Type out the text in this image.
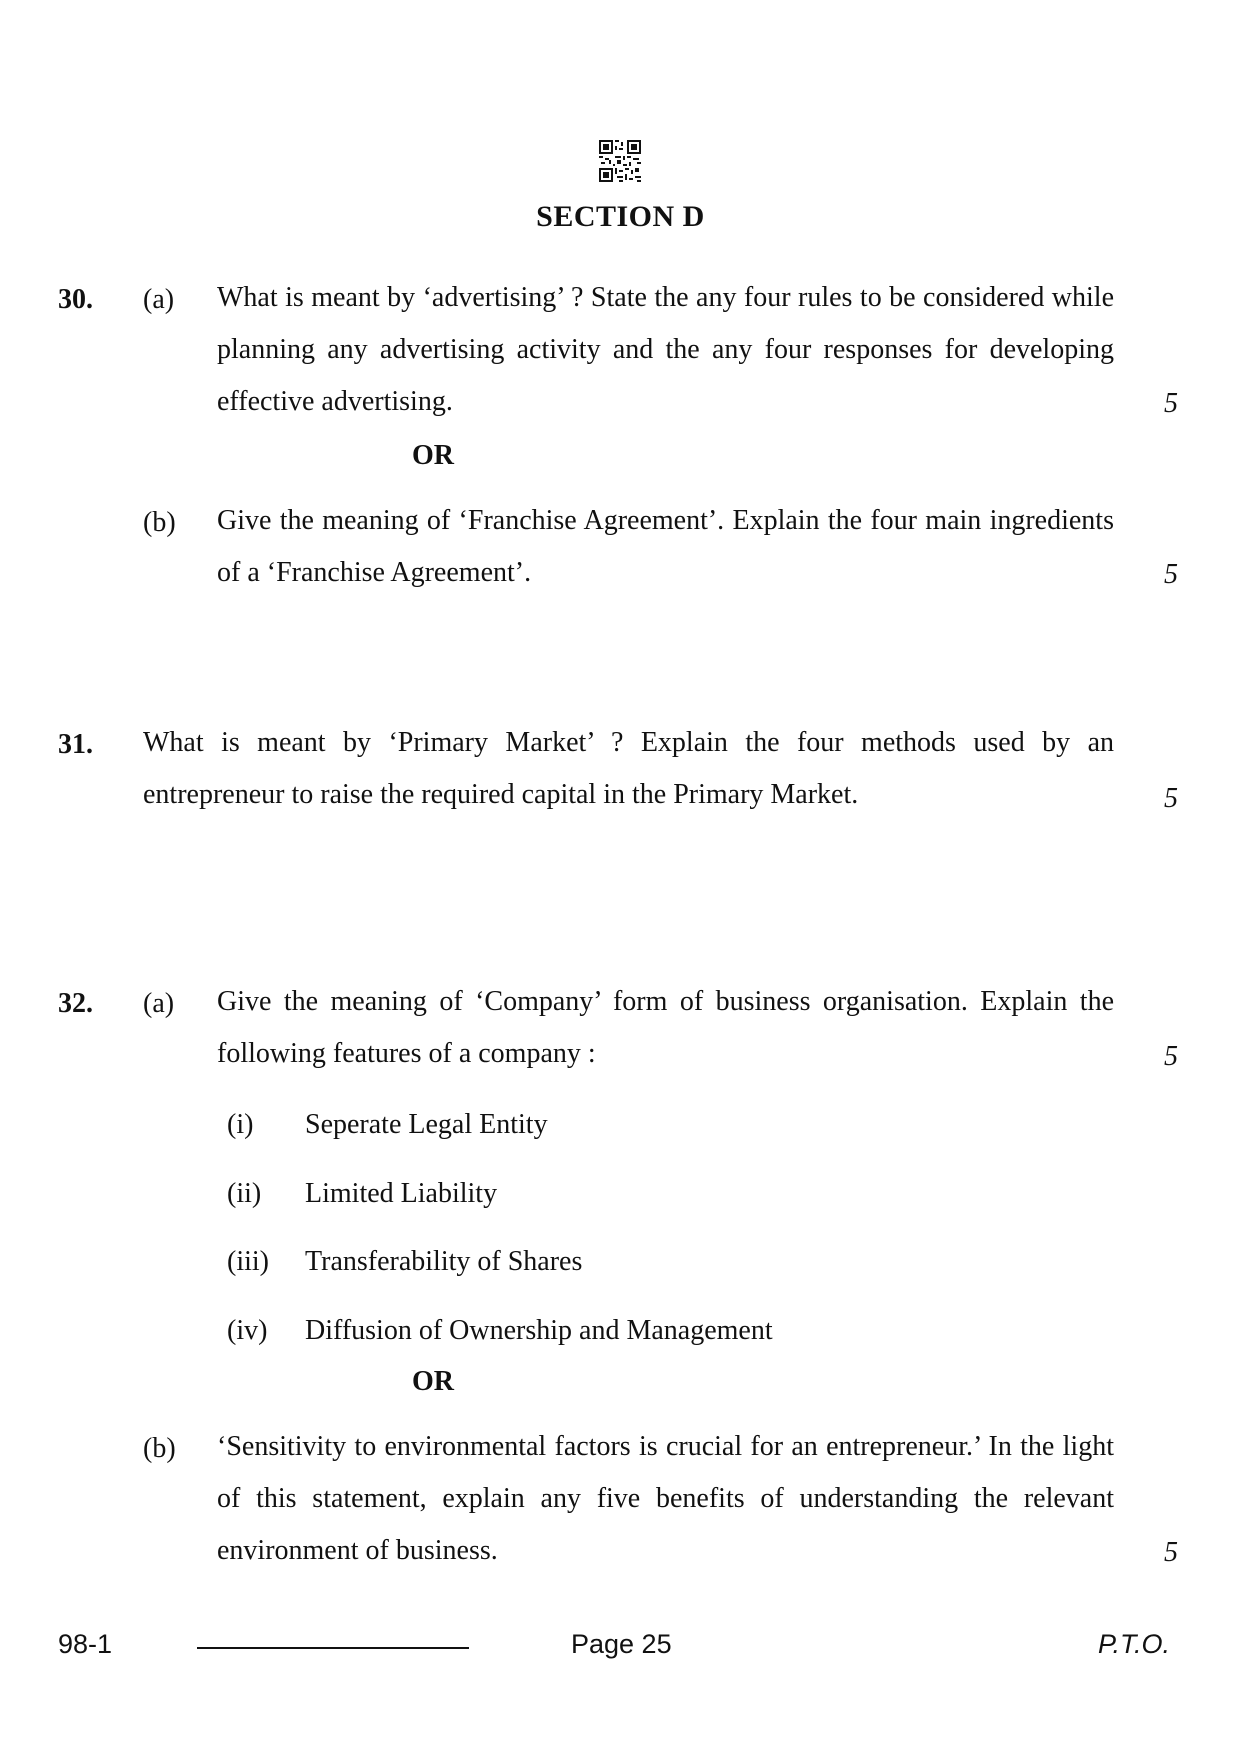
SECTION D
30. (a) What is meant by ‘advertising’ ? State the any four rules to be considered while planning any advertising activity and the any four responses for developing effective advertising.	5
OR
(b) Give the meaning of ‘Franchise Agreement’. Explain the four main ingredients of a ‘Franchise Agreement’.	5
31. What is meant by ‘Primary Market’ ? Explain the four methods used by an entrepreneur to raise the required capital in the Primary Market.	5
32. (a) Give the meaning of ‘Company’ form of business organisation. Explain the following features of a company :	5
(i) Seperate Legal Entity
(ii) Limited Liability
(iii) Transferability of Shares
(iv) Diffusion of Ownership and Management
OR
(b) ‘Sensitivity to environmental factors is crucial for an entrepreneur.’ In the light of this statement, explain any five benefits of understanding the relevant environment of business.	5
98-1	Page 25	P.T.O.
